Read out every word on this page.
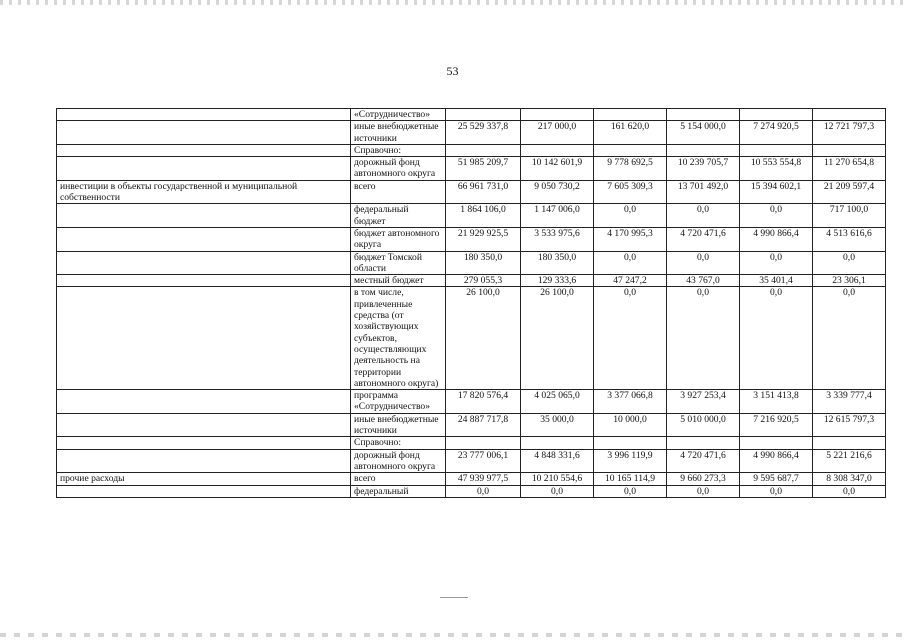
53
	«Сотрудничество»						
	иные внебюджетные источники	25 529 337,8	217 000,0	161 620,0	5 154 000,0	7 274 920,5	12 721 797,3
	Справочно:						
	дорожный фонд автономного округа	51 985 209,7	10 142 601,9	9 778 692,5	10 239 705,7	10 553 554,8	11 270 654,8
инвестиции в объекты государственной и муниципальной собственности	всего	66 961 731,0	9 050 730,2	7 605 309,3	13 701 492,0	15 394 602,1	21 209 597,4
	федеральный бюджет	1 864 106,0	1 147 006,0	0,0	0,0	0,0	717 100,0
	бюджет автономного округа	21 929 925,5	3 533 975,6	4 170 995,3	4 720 471,6	4 990 866,4	4 513 616,6
	бюджет Томской области	180 350,0	180 350,0	0,0	0,0	0,0	0,0
	местный бюджет	279 055,3	129 333,6	47 247,2	43 767,0	35 401,4	23 306,1
	в том числе, привлеченные средства (от хозяйствующих субъектов, осуществляющих деятельность на территории автономного округа)	26 100,0	26 100,0	0,0	0,0	0,0	0,0
	программа «Сотрудничество»	17 820 576,4	4 025 065,0	3 377 066,8	3 927 253,4	3 151 413,8	3 339 777,4
	иные внебюджетные источники	24 887 717,8	35 000,0	10 000,0	5 010 000,0	7 216 920,5	12 615 797,3
	Справочно:						
	дорожный фонд автономного округа	23 777 006,1	4 848 331,6	3 996 119,9	4 720 471,6	4 990 866,4	5 221 216,6
прочие расходы	всего	47 939 977,5	10 210 554,6	10 165 114,9	9 660 273,3	9 595 687,7	8 308 347,0
	федеральный	0,0	0,0	0,0	0,0	0,0	0,0
